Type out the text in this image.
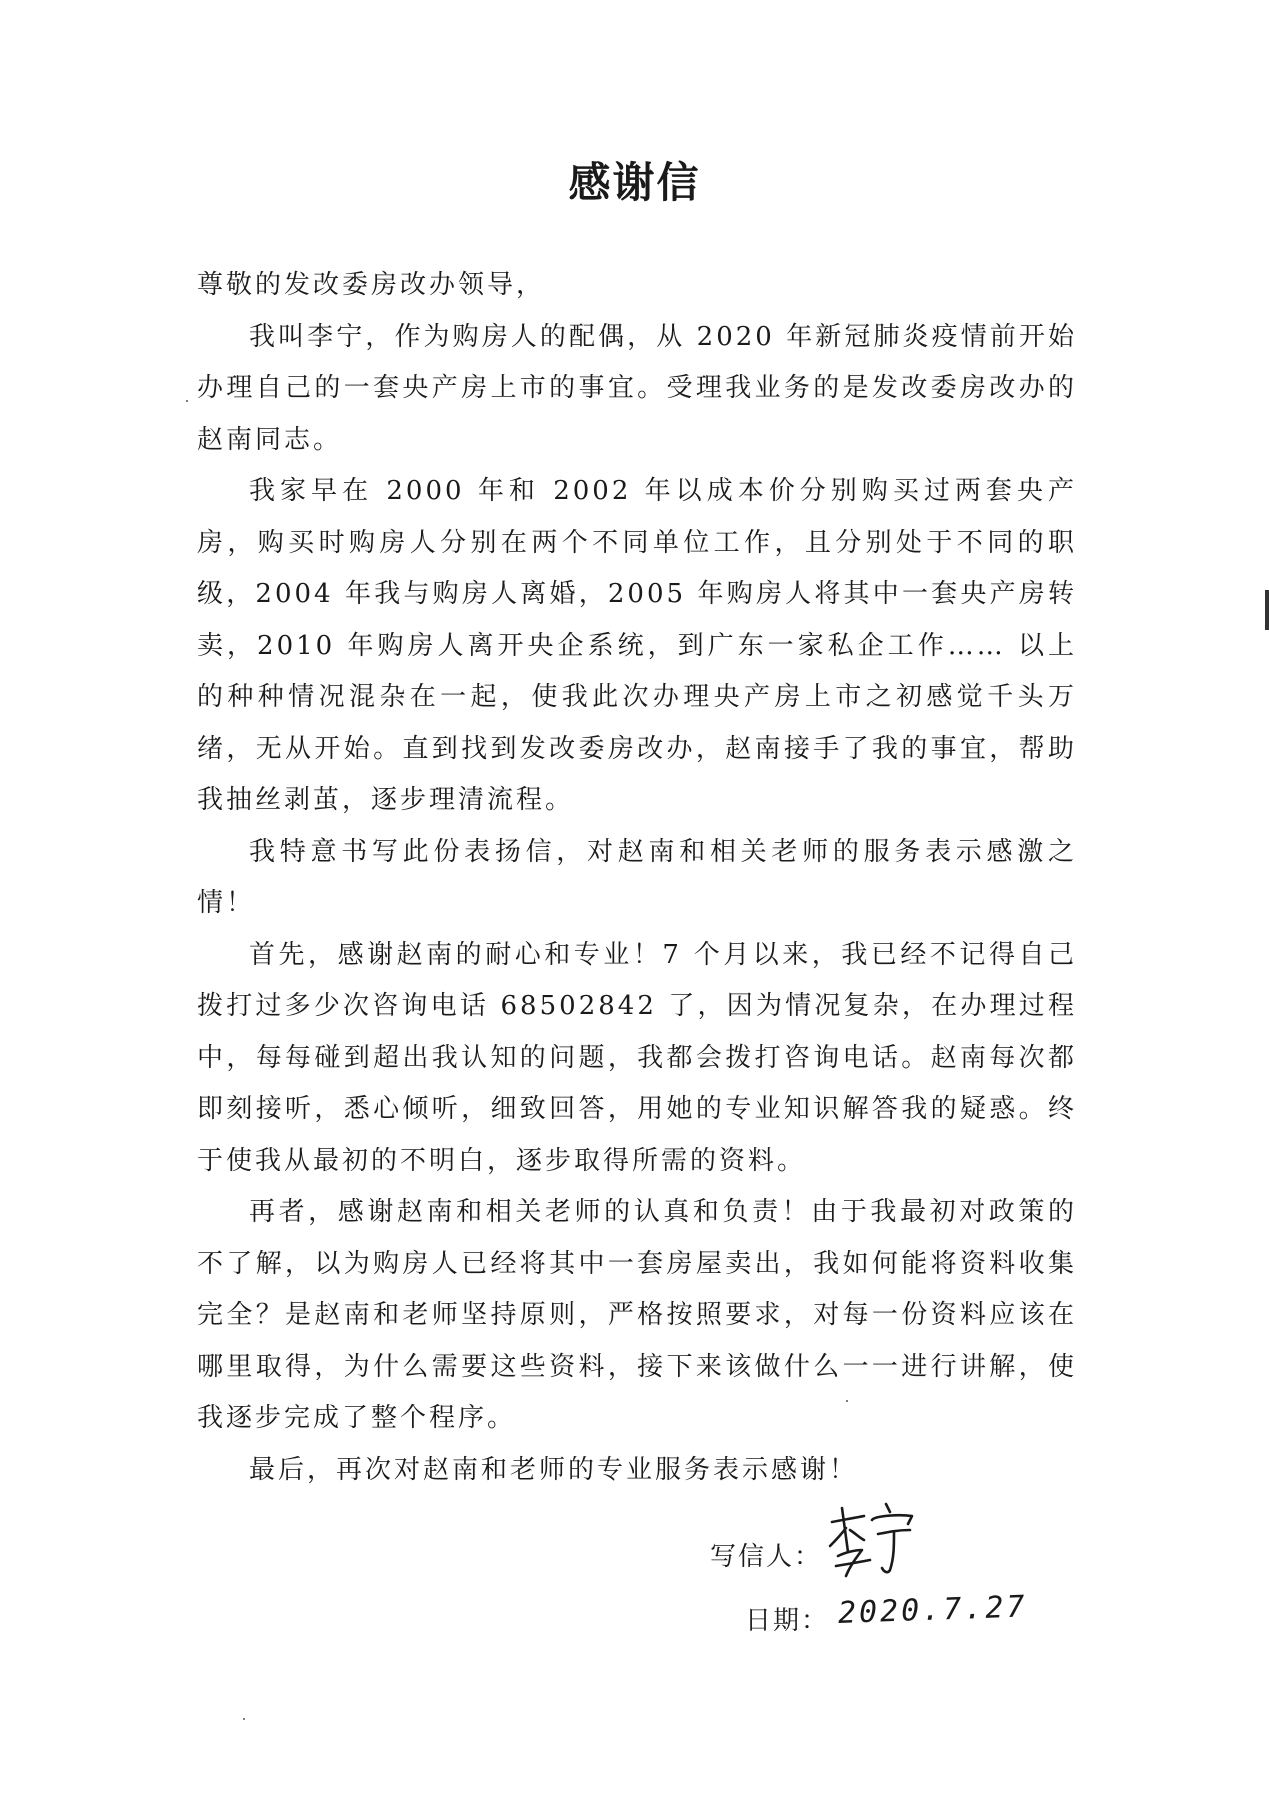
感谢信

尊敬的发改委房改办领导，

我叫李宁，作为购房人的配偶，从 2020 年新冠肺炎疫情前开始办理自己的一套央产房上市的事宜。受理我业务的是发改委房改办的赵南同志。

我家早在 2000 年和 2002 年以成本价分别购买过两套央产房，购买时购房人分别在两个不同单位工作，且分别处于不同的职级，2004 年我与购房人离婚，2005 年购房人将其中一套央产房转卖，2010 年购房人离开央企系统，到广东一家私企工作…… 以上的种种情况混杂在一起，使我此次办理央产房上市之初感觉千头万绪，无从开始。直到找到发改委房改办，赵南接手了我的事宜，帮助我抽丝剥茧，逐步理清流程。

我特意书写此份表扬信，对赵南和相关老师的服务表示感激之情！

首先，感谢赵南的耐心和专业！7 个月以来，我已经不记得自己拨打过多少次咨询电话 68502842 了，因为情况复杂，在办理过程中，每每碰到超出我认知的问题，我都会拨打咨询电话。赵南每次都即刻接听，悉心倾听，细致回答，用她的专业知识解答我的疑惑。终于使我从最初的不明白，逐步取得所需的资料。

再者，感谢赵南和相关老师的认真和负责！由于我最初对政策的不了解，以为购房人已经将其中一套房屋卖出，我如何能将资料收集完全？是赵南和老师坚持原则，严格按照要求，对每一份资料应该在哪里取得，为什么需要这些资料，接下来该做什么一一进行讲解，使我逐步完成了整个程序。

最后，再次对赵南和老师的专业服务表示感谢！

写信人：
日期： 2020.7.27
